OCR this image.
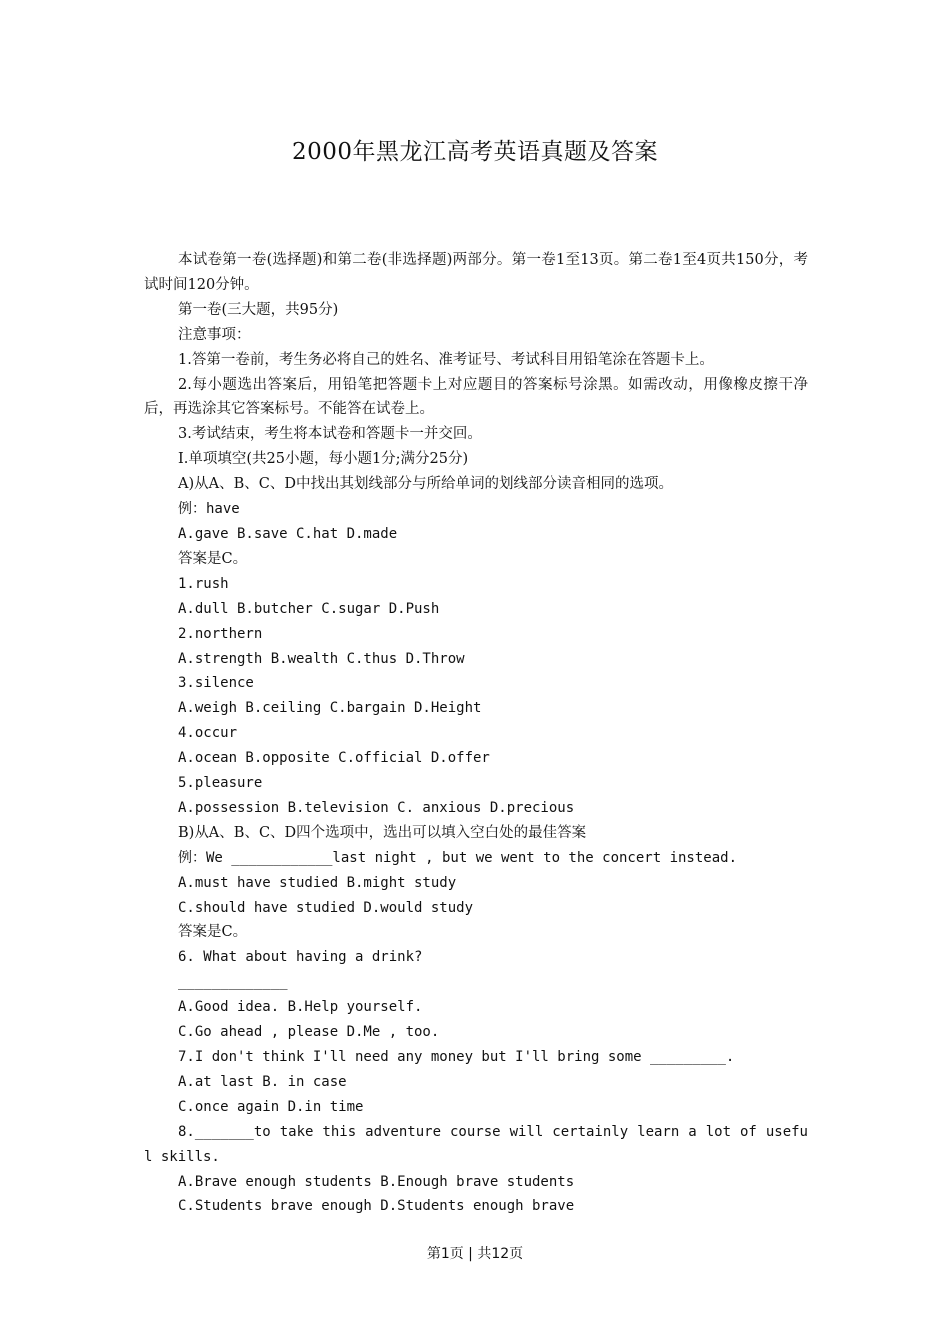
2000年黑龙江高考英语真题及答案

本试卷第一卷(选择题)和第二卷(非选择题)两部分。第一卷1至13页。第二卷1至4页共150分，考试时间120分钟。

第一卷(三大题，共95分)

注意事项：

1.答第一卷前，考生务必将自己的姓名、准考证号、考试科目用铅笔涂在答题卡上。

2.每小题选出答案后，用铅笔把答题卡上对应题目的答案标号涂黑。如需改动，用像橡皮擦干净后，再选涂其它答案标号。不能答在试卷上。

3.考试结束，考生将本试卷和答题卡一并交回。

I.单项填空(共25小题，每小题1分;满分25分)

A)从A、B、C、D中找出其划线部分与所给单词的划线部分读音相同的选项。

例：have

A.gave B.save C.hat D.made

答案是C。

1.rush

A.dull B.butcher C.sugar D.Push

2.northern

A.strength B.wealth C.thus D.Throw

3.silence

A.weigh B.ceiling C.bargain D.Height

4.occur

A.ocean B.opposite C.official D.offer

5.pleasure

A.possession B.television C. anxious D.precious

B)从A、B、C、D四个选项中，选出可以填入空白处的最佳答案

例：We ____________last night , but we went to the concert instead.

A.must have studied B.might study

C.should have studied D.would study

答案是C。

6. What about having a drink?

_____________

A.Good idea. B.Help yourself.

C.Go ahead , please D.Me , too.

7.I don't think I'll need any money but I'll bring some _________.

A.at last B. in case

C.once again D.in time

8._______to take this adventure course will certainly learn a lot of useful skills.

A.Brave enough students B.Enough brave students

C.Students brave enough D.Students enough brave

第1页 | 共12页
